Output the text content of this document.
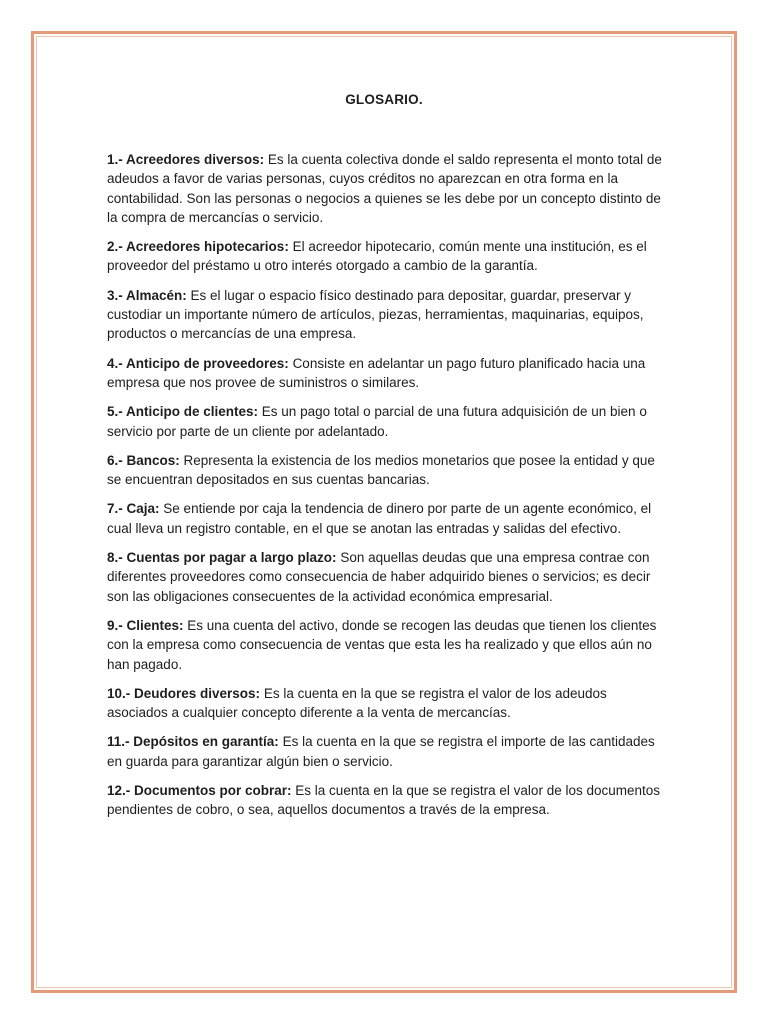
GLOSARIO.

1.- Acreedores diversos: Es la cuenta colectiva donde el saldo representa el monto total de adeudos a favor de varias personas, cuyos créditos no aparezcan en otra forma en la contabilidad. Son las personas o negocios a quienes se les debe por un concepto distinto de la compra de mercancías o servicio.

2.- Acreedores hipotecarios: El acreedor hipotecario, común mente una institución, es el proveedor del préstamo u otro interés otorgado a cambio de la garantía.

3.- Almacén: Es el lugar o espacio físico destinado para depositar, guardar, preservar y custodiar un importante número de artículos, piezas, herramientas, maquinarias, equipos, productos o mercancías de una empresa.

4.- Anticipo de proveedores: Consiste en adelantar un pago futuro planificado hacia una empresa que nos provee de suministros o similares.

5.- Anticipo de clientes: Es un pago total o parcial de una futura adquisición de un bien o servicio por parte de un cliente por adelantado.

6.- Bancos: Representa la existencia de los medios monetarios que posee la entidad y que se encuentran depositados en sus cuentas bancarias.

7.- Caja: Se entiende por caja la tendencia de dinero por parte de un agente económico, el cual lleva un registro contable, en el que se anotan las entradas y salidas del efectivo.

8.- Cuentas por pagar a largo plazo: Son aquellas deudas que una empresa contrae con diferentes proveedores como consecuencia de haber adquirido bienes o servicios; es decir son las obligaciones consecuentes de la actividad económica empresarial.

9.- Clientes: Es una cuenta del activo, donde se recogen las deudas que tienen los clientes con la empresa como consecuencia de ventas que esta les ha realizado y que ellos aún no han pagado.

10.- Deudores diversos: Es la cuenta en la que se registra el valor de los adeudos asociados a cualquier concepto diferente a la venta de mercancías.

11.- Depósitos en garantía: Es la cuenta en la que se registra el importe de las cantidades en guarda para garantizar algún bien o servicio.

12.- Documentos por cobrar: Es la cuenta en la que se registra el valor de los documentos pendientes de cobro, o sea, aquellos documentos a través de la empresa.
